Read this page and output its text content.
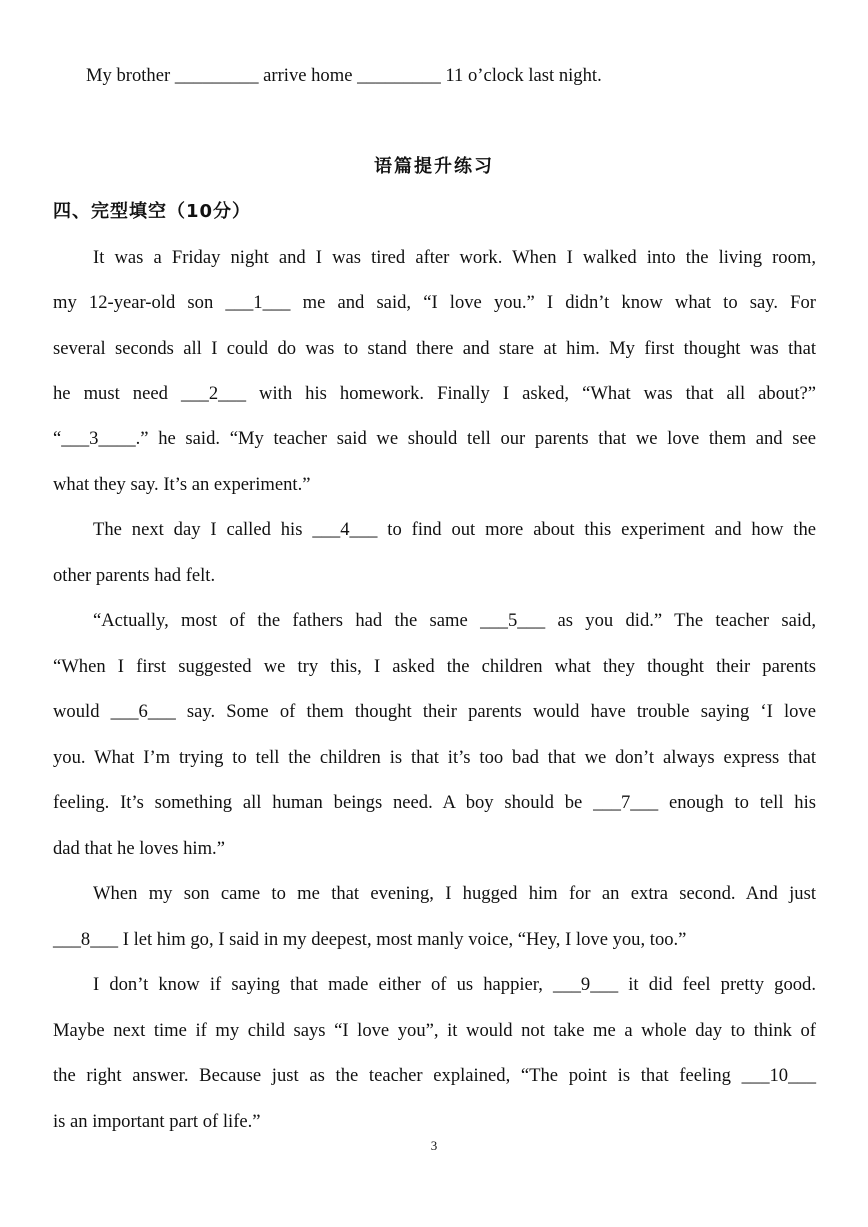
My brother _________ arrive home _________ 11 o’clock last night.
语篇提升练习
四、完型填空（10分）
It was a Friday night and I was tired after work. When I walked into the living room,
my 12-year-old son ___1___ me and said, “I love you.” I didn’t know what to say. For
several seconds all I could do was to stand there and stare at him. My first thought was that
he must need ___2___ with his homework. Finally I asked, “What was that all about?”
“___3____.” he said. “My teacher said we should tell our parents that we love them and see
what they say. It’s an experiment.”
The next day I called his ___4___ to find out more about this experiment and how the
other parents had felt.
“Actually, most of the fathers had the same ___5___ as you did.” The teacher said,
“When I first suggested we try this, I asked the children what they thought their parents
would ___6___ say. Some of them thought their parents would have trouble saying ‘I love
you. What I’m trying to tell the children is that it’s too bad that we don’t always express that
feeling. It’s something all human beings need. A boy should be ___7___ enough to tell his
dad that he loves him.”
When my son came to me that evening, I hugged him for an extra second. And just
___8___ I let him go, I said in my deepest, most manly voice, “Hey, I love you, too.”
I don’t know if saying that made either of us happier, ___9___ it did feel pretty good.
Maybe next time if my child says “I love you”, it would not take me a whole day to think of
the right answer. Because just as the teacher explained, “The point is that feeling ___10___
is an important part of life.”
3
